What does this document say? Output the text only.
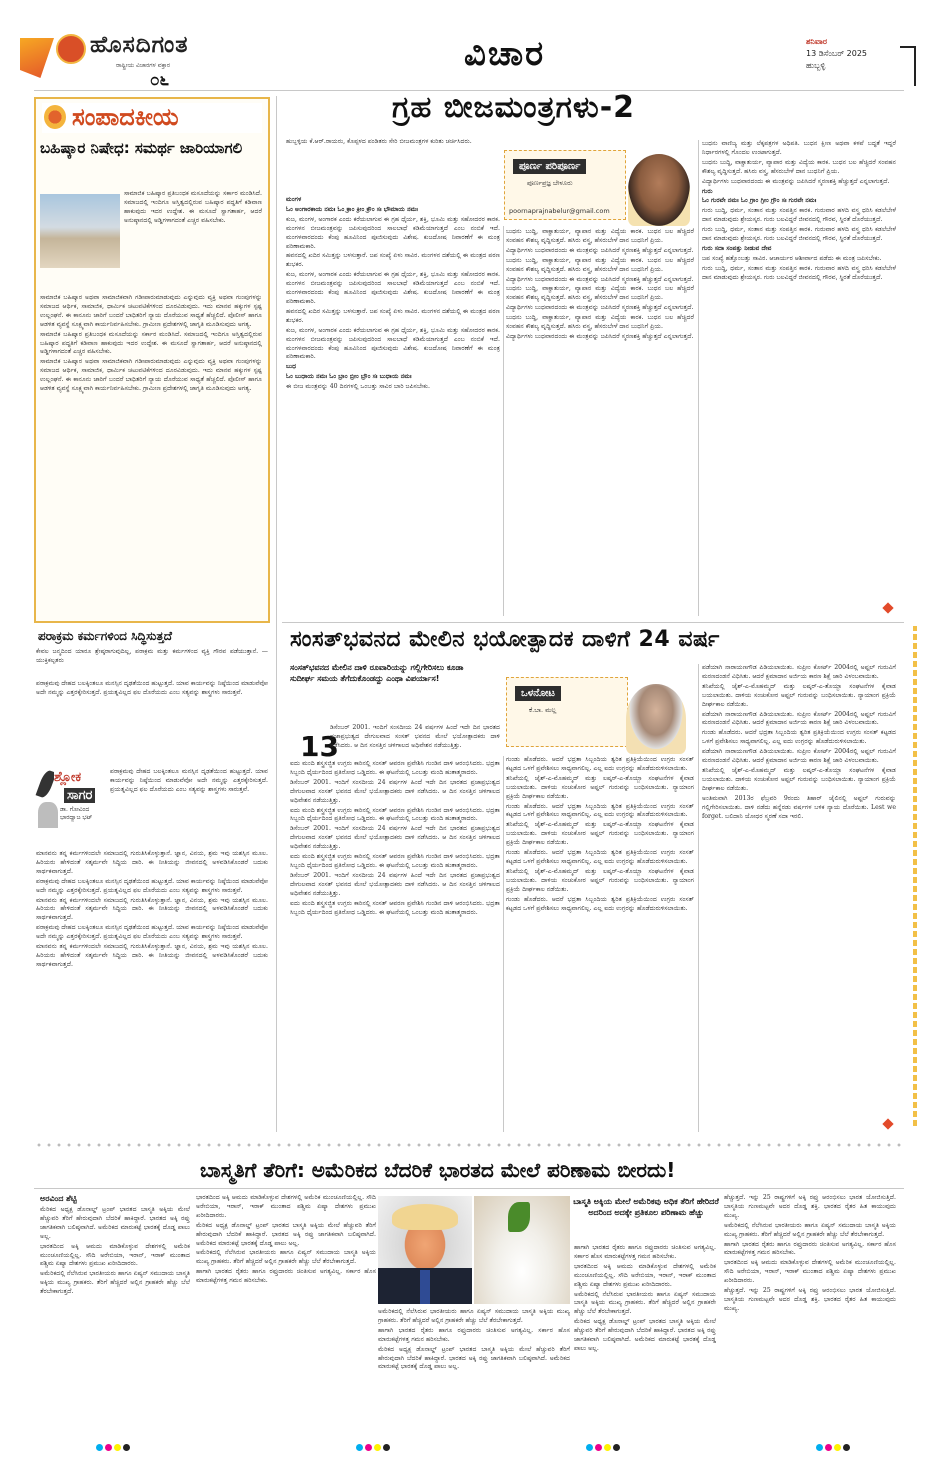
ಹೊಸದಿಗಂತ
ರಾಷ್ಟ್ರೀಯ ವಿಚಾರಗಳ ವಕ್ತಾರ
೦೬
ವಿಚಾರ	ಶನಿವಾರ
13 ಡಿಸೆಂಬರ್ 2025
ಹುಬ್ಬಳ್ಳಿ
ಸಂಪಾದಕೀಯ
ಬಹಿಷ್ಕಾರ ನಿಷೇಧ: ಸಮರ್ಥ ಜಾರಿಯಾಗಲಿ
ಸಾಮಾಜಿಕ ಬಹಿಷ್ಕಾರ ಪ್ರತಿಬಂಧಕ ಮಸೂದೆಯನ್ನು ಸರ್ಕಾರ ಮಂಡಿಸಿದೆ. ಸಮಾಜದಲ್ಲಿ ಇಂದಿಗೂ ಅಸ್ತಿತ್ವದಲ್ಲಿರುವ ಬಹಿಷ್ಕಾರ ಪದ್ಧತಿಗೆ ಕಡಿವಾಣ ಹಾಕುವುದು ಇದರ ಉದ್ದೇಶ. ಈ ಮಸೂದೆ ಸ್ವಾಗತಾರ್ಹ, ಆದರೆ ಅನುಷ್ಠಾನದಲ್ಲಿ ಅಡ್ಡಿಗಳಾಗದಂತೆ ಎಚ್ಚರ ವಹಿಸಬೇಕು.

ಸಾಮಾಜಿಕ ಬಹಿಷ್ಕಾರ ಅಥವಾ ಸಾಮಾಜಿಕವಾಗಿ ಗಡೀಪಾರುಮಾಡುವುದು ಎನ್ನುವುದು ವ್ಯಕ್ತಿ ಅಥವಾ ಗುಂಪುಗಳನ್ನು ಸಮಾಜದ ಆರ್ಥಿಕ, ಸಾಮಾಜಿಕ, ಧಾರ್ಮಿಕ ಚಟುವಟಿಕೆಗಳಿಂದ ದೂರವಿಡುವುದು. ಇದು ಮಾನವ ಹಕ್ಕುಗಳ ಸ್ಪಷ್ಟ ಉಲ್ಲಂಘನೆ. ಈ ಕಾನೂನು ಜಾರಿಗೆ ಬಂದರೆ ಬಾಧಿತರಿಗೆ ನ್ಯಾಯ ದೊರೆಯುವ ಸಾಧ್ಯತೆ ಹೆಚ್ಚಲಿದೆ. ಪೊಲೀಸ್ ಹಾಗೂ ಆಡಳಿತ ವ್ಯವಸ್ಥೆ ಸೂಕ್ಷ್ಮವಾಗಿ ಕಾರ್ಯನಿರ್ವಹಿಸಬೇಕು. ಗ್ರಾಮೀಣ ಪ್ರದೇಶಗಳಲ್ಲಿ ಜಾಗೃತಿ ಮೂಡಿಸುವುದು ಅಗತ್ಯ.

ಸಾಮಾಜಿಕ ಬಹಿಷ್ಕಾರ ಪ್ರತಿಬಂಧಕ ಮಸೂದೆಯನ್ನು ಸರ್ಕಾರ ಮಂಡಿಸಿದೆ. ಸಮಾಜದಲ್ಲಿ ಇಂದಿಗೂ ಅಸ್ತಿತ್ವದಲ್ಲಿರುವ ಬಹಿಷ್ಕಾರ ಪದ್ಧತಿಗೆ ಕಡಿವಾಣ ಹಾಕುವುದು ಇದರ ಉದ್ದೇಶ. ಈ ಮಸೂದೆ ಸ್ವಾಗತಾರ್ಹ, ಆದರೆ ಅನುಷ್ಠಾನದಲ್ಲಿ ಅಡ್ಡಿಗಳಾಗದಂತೆ ಎಚ್ಚರ ವಹಿಸಬೇಕು.

ಸಾಮಾಜಿಕ ಬಹಿಷ್ಕಾರ ಅಥವಾ ಸಾಮಾಜಿಕವಾಗಿ ಗಡೀಪಾರುಮಾಡುವುದು ಎನ್ನುವುದು ವ್ಯಕ್ತಿ ಅಥವಾ ಗುಂಪುಗಳನ್ನು ಸಮಾಜದ ಆರ್ಥಿಕ, ಸಾಮಾಜಿಕ, ಧಾರ್ಮಿಕ ಚಟುವಟಿಕೆಗಳಿಂದ ದೂರವಿಡುವುದು. ಇದು ಮಾನವ ಹಕ್ಕುಗಳ ಸ್ಪಷ್ಟ ಉಲ್ಲಂಘನೆ. ಈ ಕಾನೂನು ಜಾರಿಗೆ ಬಂದರೆ ಬಾಧಿತರಿಗೆ ನ್ಯಾಯ ದೊರೆಯುವ ಸಾಧ್ಯತೆ ಹೆಚ್ಚಲಿದೆ. ಪೊಲೀಸ್ ಹಾಗೂ ಆಡಳಿತ ವ್ಯವಸ್ಥೆ ಸೂಕ್ಷ್ಮವಾಗಿ ಕಾರ್ಯನಿರ್ವಹಿಸಬೇಕು. ಗ್ರಾಮೀಣ ಪ್ರದೇಶಗಳಲ್ಲಿ ಜಾಗೃತಿ ಮೂಡಿಸುವುದು ಅಗತ್ಯ.

ಪರಾಕ್ರಮ ಕರ್ಮಗಳಿಂದ ಸಿದ್ಧಿಸುತ್ತದೆ
ಕೇವಲ ಜನ್ಮದಿಂದ ಯಾರೂ ಶ್ರೇಷ್ಠರಾಗುವುದಿಲ್ಲ, ಪರಾಕ್ರಮ ಮತ್ತು ಕರ್ಮಗಳಿಂದ ವ್ಯಕ್ತಿ ಗೌರವ ಪಡೆಯುತ್ತಾನೆ. — ಯುಕ್ತಿಕಲ್ಪತರು
ಪರಾಕ್ರಮವು ದೇಹದ ಬಲಕ್ಕಿಂತಲೂ ಮನಸ್ಸಿನ ದೃಢತೆಯಿಂದ ಹುಟ್ಟುತ್ತದೆ. ಯಾವ ಕಾರ್ಯವನ್ನು ನಿಷ್ಠೆಯಿಂದ ಮಾಡುವೆವೋ ಅದೇ ನಮ್ಮನ್ನು ಎತ್ತರಕ್ಕೇರಿಸುತ್ತದೆ. ಪ್ರಯತ್ನವಿಲ್ಲದ ಫಲ ದೊರೆಯದು ಎಂಬ ಸತ್ಯವನ್ನು ಶಾಸ್ತ್ರಗಳು ಸಾರುತ್ತವೆ.
ಶ್ಲೋಕ
ಸಾಗರ
ಡಾ. ಗೋವಿಂದ ಭಾರದ್ವಾಜ ಭಟ್
ಪರಾಕ್ರಮವು ದೇಹದ ಬಲಕ್ಕಿಂತಲೂ ಮನಸ್ಸಿನ ದೃಢತೆಯಿಂದ ಹುಟ್ಟುತ್ತದೆ. ಯಾವ ಕಾರ್ಯವನ್ನು ನಿಷ್ಠೆಯಿಂದ ಮಾಡುವೆವೋ ಅದೇ ನಮ್ಮನ್ನು ಎತ್ತರಕ್ಕೇರಿಸುತ್ತದೆ. ಪ್ರಯತ್ನವಿಲ್ಲದ ಫಲ ದೊರೆಯದು ಎಂಬ ಸತ್ಯವನ್ನು ಶಾಸ್ತ್ರಗಳು ಸಾರುತ್ತವೆ.

ಮಾನವನು ತನ್ನ ಕರ್ಮಗಳಿಂದಲೇ ಸಮಾಜದಲ್ಲಿ ಗುರುತಿಸಿಕೊಳ್ಳುತ್ತಾನೆ. ಜ್ಞಾನ, ವಿನಯ, ಶ್ರಮ ಇವು ಯಶಸ್ಸಿನ ಮೂಲ. ಹಿರಿಯರು ಹೇಳಿದಂತೆ ಸತ್ಕರ್ಮವೇ ಸಿದ್ಧಿಯ ದಾರಿ. ಈ ನೀತಿಯನ್ನು ಜೀವನದಲ್ಲಿ ಅಳವಡಿಸಿಕೊಂಡರೆ ಬದುಕು ಸಾರ್ಥಕವಾಗುತ್ತದೆ.

ಪರಾಕ್ರಮವು ದೇಹದ ಬಲಕ್ಕಿಂತಲೂ ಮನಸ್ಸಿನ ದೃಢತೆಯಿಂದ ಹುಟ್ಟುತ್ತದೆ. ಯಾವ ಕಾರ್ಯವನ್ನು ನಿಷ್ಠೆಯಿಂದ ಮಾಡುವೆವೋ ಅದೇ ನಮ್ಮನ್ನು ಎತ್ತರಕ್ಕೇರಿಸುತ್ತದೆ. ಪ್ರಯತ್ನವಿಲ್ಲದ ಫಲ ದೊರೆಯದು ಎಂಬ ಸತ್ಯವನ್ನು ಶಾಸ್ತ್ರಗಳು ಸಾರುತ್ತವೆ.

ಮಾನವನು ತನ್ನ ಕರ್ಮಗಳಿಂದಲೇ ಸಮಾಜದಲ್ಲಿ ಗುರುತಿಸಿಕೊಳ್ಳುತ್ತಾನೆ. ಜ್ಞಾನ, ವಿನಯ, ಶ್ರಮ ಇವು ಯಶಸ್ಸಿನ ಮೂಲ. ಹಿರಿಯರು ಹೇಳಿದಂತೆ ಸತ್ಕರ್ಮವೇ ಸಿದ್ಧಿಯ ದಾರಿ. ಈ ನೀತಿಯನ್ನು ಜೀವನದಲ್ಲಿ ಅಳವಡಿಸಿಕೊಂಡರೆ ಬದುಕು ಸಾರ್ಥಕವಾಗುತ್ತದೆ.

ಪರಾಕ್ರಮವು ದೇಹದ ಬಲಕ್ಕಿಂತಲೂ ಮನಸ್ಸಿನ ದೃಢತೆಯಿಂದ ಹುಟ್ಟುತ್ತದೆ. ಯಾವ ಕಾರ್ಯವನ್ನು ನಿಷ್ಠೆಯಿಂದ ಮಾಡುವೆವೋ ಅದೇ ನಮ್ಮನ್ನು ಎತ್ತರಕ್ಕೇರಿಸುತ್ತದೆ. ಪ್ರಯತ್ನವಿಲ್ಲದ ಫಲ ದೊರೆಯದು ಎಂಬ ಸತ್ಯವನ್ನು ಶಾಸ್ತ್ರಗಳು ಸಾರುತ್ತವೆ.

ಮಾನವನು ತನ್ನ ಕರ್ಮಗಳಿಂದಲೇ ಸಮಾಜದಲ್ಲಿ ಗುರುತಿಸಿಕೊಳ್ಳುತ್ತಾನೆ. ಜ್ಞಾನ, ವಿನಯ, ಶ್ರಮ ಇವು ಯಶಸ್ಸಿನ ಮೂಲ. ಹಿರಿಯರು ಹೇಳಿದಂತೆ ಸತ್ಕರ್ಮವೇ ಸಿದ್ಧಿಯ ದಾರಿ. ಈ ನೀತಿಯನ್ನು ಜೀವನದಲ್ಲಿ ಅಳವಡಿಸಿಕೊಂಡರೆ ಬದುಕು ಸಾರ್ಥಕವಾಗುತ್ತದೆ.

ಗ್ರಹ ಬೀಜಮಂತ್ರಗಳು-2
ಹುಬ್ಬಳ್ಳಿಯ ಕೆ.ಆರ್.ರಾಯರು, ಕೊಪ್ಪಳದ ಪಂಡಿತರು ಸೇರಿ ಬೀಜಮಂತ್ರಗಳ ಕುರಿತು ಚರ್ಚಿಸಿದರು.
ಪೂರ್ಣ ಪರಿಪೂರ್ಣ
ಪೂರ್ಣಪ್ರಜ್ಞ ಬೇಳೂರು
poornaprajnabelur@gmail.com

ಮಂಗಳ

ಓಂ ಅಂಗಾರಕಾಯ ನಮಃ ಓಂ ಕ್ರಾಂ ಕ್ರೀಂ ಕ್ರೌಂ ಸಃ ಭೌಮಾಯ ನಮಃ

ಕುಜ, ಮಂಗಳ, ಅಂಗಾರಕ ಎಂದು ಕರೆಯಲಾಗುವ ಈ ಗ್ರಹ ಧೈರ್ಯ, ಶಕ್ತಿ, ಭೂಮಿ ಮತ್ತು ಸಹೋದರರ ಕಾರಕ. ಮಂಗಳನ ಬೀಜಮಂತ್ರವನ್ನು ಜಪಿಸುವುದರಿಂದ ಸಾಲಬಾಧೆ ಕಡಿಮೆಯಾಗುತ್ತದೆ ಎಂಬ ನಂಬಿಕೆ ಇದೆ. ಮಂಗಳವಾರದಂದು ಕೆಂಪು ಹೂವಿನಿಂದ ಪೂಜಿಸುವುದು ವಿಶೇಷ. ಕುಜದೋಷ ನಿವಾರಣೆಗೆ ಈ ಮಂತ್ರ ಪರಿಣಾಮಕಾರಿ.

ಹವನದಲ್ಲಿ ಖದಿರ ಸಮಿತ್ತನ್ನು ಬಳಸುತ್ತಾರೆ. ಜಪ ಸಂಖ್ಯೆ ಏಳು ಸಾವಿರ. ಮಂಗಳನ ದಶೆಯಲ್ಲಿ ಈ ಮಂತ್ರದ ಪಠಣ ಶುಭಕರ.

ಕುಜ, ಮಂಗಳ, ಅಂಗಾರಕ ಎಂದು ಕರೆಯಲಾಗುವ ಈ ಗ್ರಹ ಧೈರ್ಯ, ಶಕ್ತಿ, ಭೂಮಿ ಮತ್ತು ಸಹೋದರರ ಕಾರಕ. ಮಂಗಳನ ಬೀಜಮಂತ್ರವನ್ನು ಜಪಿಸುವುದರಿಂದ ಸಾಲಬಾಧೆ ಕಡಿಮೆಯಾಗುತ್ತದೆ ಎಂಬ ನಂಬಿಕೆ ಇದೆ. ಮಂಗಳವಾರದಂದು ಕೆಂಪು ಹೂವಿನಿಂದ ಪೂಜಿಸುವುದು ವಿಶೇಷ. ಕುಜದೋಷ ನಿವಾರಣೆಗೆ ಈ ಮಂತ್ರ ಪರಿಣಾಮಕಾರಿ.

ಹವನದಲ್ಲಿ ಖದಿರ ಸಮಿತ್ತನ್ನು ಬಳಸುತ್ತಾರೆ. ಜಪ ಸಂಖ್ಯೆ ಏಳು ಸಾವಿರ. ಮಂಗಳನ ದಶೆಯಲ್ಲಿ ಈ ಮಂತ್ರದ ಪಠಣ ಶುಭಕರ.

ಕುಜ, ಮಂಗಳ, ಅಂಗಾರಕ ಎಂದು ಕರೆಯಲಾಗುವ ಈ ಗ್ರಹ ಧೈರ್ಯ, ಶಕ್ತಿ, ಭೂಮಿ ಮತ್ತು ಸಹೋದರರ ಕಾರಕ. ಮಂಗಳನ ಬೀಜಮಂತ್ರವನ್ನು ಜಪಿಸುವುದರಿಂದ ಸಾಲಬಾಧೆ ಕಡಿಮೆಯಾಗುತ್ತದೆ ಎಂಬ ನಂಬಿಕೆ ಇದೆ. ಮಂಗಳವಾರದಂದು ಕೆಂಪು ಹೂವಿನಿಂದ ಪೂಜಿಸುವುದು ವಿಶೇಷ. ಕುಜದೋಷ ನಿವಾರಣೆಗೆ ಈ ಮಂತ್ರ ಪರಿಣಾಮಕಾರಿ.

ಬುಧ

ಓಂ ಬುಧಾಯ ನಮಃ ಓಂ ಬ್ರಾಂ ಬ್ರೀಂ ಬ್ರೌಂ ಸಃ ಬುಧಾಯ ನಮಃ

ಈ ಬೀಜ ಮಂತ್ರವನ್ನು 40 ದಿನಗಳಲ್ಲಿ ಒಂಬತ್ತು ಸಾವಿರ ಬಾರಿ ಜಪಿಸಬೇಕು.

ಬುಧನು ಬುದ್ಧಿ, ವಾಕ್ಚಾತುರ್ಯ, ವ್ಯಾಪಾರ ಮತ್ತು ವಿದ್ಯೆಯ ಕಾರಕ. ಬುಧನ ಬಲ ಹೆಚ್ಚಿದರೆ ಸಂವಹನ ಕೌಶಲ್ಯ ವೃದ್ಧಿಸುತ್ತದೆ. ಹಸಿರು ವಸ್ತ್ರ, ಹೆಸರುಬೇಳೆ ದಾನ ಬುಧನಿಗೆ ಪ್ರಿಯ.

ವಿದ್ಯಾರ್ಥಿಗಳು ಬುಧವಾರದಂದು ಈ ಮಂತ್ರವನ್ನು ಜಪಿಸಿದರೆ ಸ್ಮರಣಶಕ್ತಿ ಹೆಚ್ಚುತ್ತದೆ ಎನ್ನಲಾಗುತ್ತದೆ.

ಬುಧನು ಬುದ್ಧಿ, ವಾಕ್ಚಾತುರ್ಯ, ವ್ಯಾಪಾರ ಮತ್ತು ವಿದ್ಯೆಯ ಕಾರಕ. ಬುಧನ ಬಲ ಹೆಚ್ಚಿದರೆ ಸಂವಹನ ಕೌಶಲ್ಯ ವೃದ್ಧಿಸುತ್ತದೆ. ಹಸಿರು ವಸ್ತ್ರ, ಹೆಸರುಬೇಳೆ ದಾನ ಬುಧನಿಗೆ ಪ್ರಿಯ.

ವಿದ್ಯಾರ್ಥಿಗಳು ಬುಧವಾರದಂದು ಈ ಮಂತ್ರವನ್ನು ಜಪಿಸಿದರೆ ಸ್ಮರಣಶಕ್ತಿ ಹೆಚ್ಚುತ್ತದೆ ಎನ್ನಲಾಗುತ್ತದೆ.

ಬುಧನು ಬುದ್ಧಿ, ವಾಕ್ಚಾತುರ್ಯ, ವ್ಯಾಪಾರ ಮತ್ತು ವಿದ್ಯೆಯ ಕಾರಕ. ಬುಧನ ಬಲ ಹೆಚ್ಚಿದರೆ ಸಂವಹನ ಕೌಶಲ್ಯ ವೃದ್ಧಿಸುತ್ತದೆ. ಹಸಿರು ವಸ್ತ್ರ, ಹೆಸರುಬೇಳೆ ದಾನ ಬುಧನಿಗೆ ಪ್ರಿಯ.

ವಿದ್ಯಾರ್ಥಿಗಳು ಬುಧವಾರದಂದು ಈ ಮಂತ್ರವನ್ನು ಜಪಿಸಿದರೆ ಸ್ಮರಣಶಕ್ತಿ ಹೆಚ್ಚುತ್ತದೆ ಎನ್ನಲಾಗುತ್ತದೆ.

ಬುಧನು ಬುದ್ಧಿ, ವಾಕ್ಚಾತುರ್ಯ, ವ್ಯಾಪಾರ ಮತ್ತು ವಿದ್ಯೆಯ ಕಾರಕ. ಬುಧನ ಬಲ ಹೆಚ್ಚಿದರೆ ಸಂವಹನ ಕೌಶಲ್ಯ ವೃದ್ಧಿಸುತ್ತದೆ. ಹಸಿರು ವಸ್ತ್ರ, ಹೆಸರುಬೇಳೆ ದಾನ ಬುಧನಿಗೆ ಪ್ರಿಯ.

ವಿದ್ಯಾರ್ಥಿಗಳು ಬುಧವಾರದಂದು ಈ ಮಂತ್ರವನ್ನು ಜಪಿಸಿದರೆ ಸ್ಮರಣಶಕ್ತಿ ಹೆಚ್ಚುತ್ತದೆ ಎನ್ನಲಾಗುತ್ತದೆ.

ಬುಧನು ವಾಣಿಜ್ಯ ಮತ್ತು ಲೆಕ್ಕಪತ್ರಗಳ ಅಧಿಪತಿ. ಬುಧನ ಕ್ಷೀಣ ಅಥವಾ ಕಳಪೆ ಬದ್ಧತೆ ಇದ್ದರೆ ನಿರ್ಧಾರಗಳಲ್ಲಿ ಗೊಂದಲ ಉಂಟಾಗುತ್ತದೆ.

ಬುಧನು ಬುದ್ಧಿ, ವಾಕ್ಚಾತುರ್ಯ, ವ್ಯಾಪಾರ ಮತ್ತು ವಿದ್ಯೆಯ ಕಾರಕ. ಬುಧನ ಬಲ ಹೆಚ್ಚಿದರೆ ಸಂವಹನ ಕೌಶಲ್ಯ ವೃದ್ಧಿಸುತ್ತದೆ. ಹಸಿರು ವಸ್ತ್ರ, ಹೆಸರುಬೇಳೆ ದಾನ ಬುಧನಿಗೆ ಪ್ರಿಯ.

ವಿದ್ಯಾರ್ಥಿಗಳು ಬುಧವಾರದಂದು ಈ ಮಂತ್ರವನ್ನು ಜಪಿಸಿದರೆ ಸ್ಮರಣಶಕ್ತಿ ಹೆಚ್ಚುತ್ತದೆ ಎನ್ನಲಾಗುತ್ತದೆ.

ಗುರು

ಓಂ ಗುರವೇ ನಮಃ ಓಂ ಗ್ರಾಂ ಗ್ರೀಂ ಗ್ರೌಂ ಸಃ ಗುರವೇ ನಮಃ

ಗುರು ಬುದ್ಧಿ, ಧರ್ಮ, ಸಂತಾನ ಮತ್ತು ಸಂಪತ್ತಿನ ಕಾರಕ. ಗುರುವಾರ ಹಳದಿ ವಸ್ತ್ರ ಧರಿಸಿ ಕಡಲೆಬೇಳೆ ದಾನ ಮಾಡುವುದು ಶ್ರೇಯಸ್ಕರ. ಗುರು ಬಲವಿದ್ದರೆ ಜೀವನದಲ್ಲಿ ಗೌರವ, ಸ್ಥಿರತೆ ದೊರೆಯುತ್ತದೆ.

ಗುರು ಬುದ್ಧಿ, ಧರ್ಮ, ಸಂತಾನ ಮತ್ತು ಸಂಪತ್ತಿನ ಕಾರಕ. ಗುರುವಾರ ಹಳದಿ ವಸ್ತ್ರ ಧರಿಸಿ ಕಡಲೆಬೇಳೆ ದಾನ ಮಾಡುವುದು ಶ್ರೇಯಸ್ಕರ. ಗುರು ಬಲವಿದ್ದರೆ ಜೀವನದಲ್ಲಿ ಗೌರವ, ಸ್ಥಿರತೆ ದೊರೆಯುತ್ತದೆ.

ಗುರು ಸದಾ ಸಂಪತ್ತು ನೀಡುವ ದೇವ

ಜಪ ಸಂಖ್ಯೆ ಹತ್ತೊಂಬತ್ತು ಸಾವಿರ. ಆಚಾರ್ಯರ ಆಶೀರ್ವಾದ ಪಡೆದು ಈ ಮಂತ್ರ ಜಪಿಸಬೇಕು.

ಗುರು ಬುದ್ಧಿ, ಧರ್ಮ, ಸಂತಾನ ಮತ್ತು ಸಂಪತ್ತಿನ ಕಾರಕ. ಗುರುವಾರ ಹಳದಿ ವಸ್ತ್ರ ಧರಿಸಿ ಕಡಲೆಬೇಳೆ ದಾನ ಮಾಡುವುದು ಶ್ರೇಯಸ್ಕರ. ಗುರು ಬಲವಿದ್ದರೆ ಜೀವನದಲ್ಲಿ ಗೌರವ, ಸ್ಥಿರತೆ ದೊರೆಯುತ್ತದೆ.

ಸಂಸತ್‌ಭವನದ ಮೇಲಿನ ಭಯೋತ್ಪಾದಕ ದಾಳಿಗೆ 24 ವರ್ಷ
ಸಂಸತ್‌ಭವನದ ಮೇಲಿನ ದಾಳಿ ರೂವಾರಿಯನ್ನು ಗಲ್ಲಿಗೇರಿಸಲು ಕೂಡಾ ಸುದೀರ್ಘ ಸಮಯ ತೆಗೆದುಕೊಂಡದ್ದು ಎಂಥಾ ವಿಪರ್ಯಾಸ!
ಒಳನೋಟ
ಕೆ.ಬಾ. ಮಲ್ಲ
13
ಡಿಸೆಂಬರ್ 2001. ಇಂದಿಗೆ ಸಂಸದೀಯ 24 ವರ್ಷಗಳ ಹಿಂದೆ ಇದೇ ದಿನ ಭಾರತದ ಪ್ರಜಾಪ್ರಭುತ್ವದ ದೇಗುಲವಾದ ಸಂಸತ್ ಭವನದ ಮೇಲೆ ಭಯೋತ್ಪಾದಕರು ದಾಳಿ ನಡೆಸಿದರು. ಆ ದಿನ ಸಂಸತ್ತಿನ ಚಳಿಗಾಲದ ಅಧಿವೇಶನ ನಡೆಯುತ್ತಿತ್ತು.

ಐದು ಮಂದಿ ಶಸ್ತ್ರಸಜ್ಜಿತ ಉಗ್ರರು ಕಾರಿನಲ್ಲಿ ಸಂಸತ್ ಆವರಣ ಪ್ರವೇಶಿಸಿ ಗುಂಡಿನ ದಾಳಿ ಆರಂಭಿಸಿದರು. ಭದ್ರತಾ ಸಿಬ್ಬಂದಿ ಧೈರ್ಯದಿಂದ ಪ್ರತಿರೋಧ ಒಡ್ಡಿದರು. ಈ ಘಟನೆಯಲ್ಲಿ ಒಂಬತ್ತು ಮಂದಿ ಹುತಾತ್ಮರಾದರು.

ಡಿಸೆಂಬರ್ 2001. ಇಂದಿಗೆ ಸಂಸದೀಯ 24 ವರ್ಷಗಳ ಹಿಂದೆ ಇದೇ ದಿನ ಭಾರತದ ಪ್ರಜಾಪ್ರಭುತ್ವದ ದೇಗುಲವಾದ ಸಂಸತ್ ಭವನದ ಮೇಲೆ ಭಯೋತ್ಪಾದಕರು ದಾಳಿ ನಡೆಸಿದರು. ಆ ದಿನ ಸಂಸತ್ತಿನ ಚಳಿಗಾಲದ ಅಧಿವೇಶನ ನಡೆಯುತ್ತಿತ್ತು.

ಐದು ಮಂದಿ ಶಸ್ತ್ರಸಜ್ಜಿತ ಉಗ್ರರು ಕಾರಿನಲ್ಲಿ ಸಂಸತ್ ಆವರಣ ಪ್ರವೇಶಿಸಿ ಗುಂಡಿನ ದಾಳಿ ಆರಂಭಿಸಿದರು. ಭದ್ರತಾ ಸಿಬ್ಬಂದಿ ಧೈರ್ಯದಿಂದ ಪ್ರತಿರೋಧ ಒಡ್ಡಿದರು. ಈ ಘಟನೆಯಲ್ಲಿ ಒಂಬತ್ತು ಮಂದಿ ಹುತಾತ್ಮರಾದರು.

ಡಿಸೆಂಬರ್ 2001. ಇಂದಿಗೆ ಸಂಸದೀಯ 24 ವರ್ಷಗಳ ಹಿಂದೆ ಇದೇ ದಿನ ಭಾರತದ ಪ್ರಜಾಪ್ರಭುತ್ವದ ದೇಗುಲವಾದ ಸಂಸತ್ ಭವನದ ಮೇಲೆ ಭಯೋತ್ಪಾದಕರು ದಾಳಿ ನಡೆಸಿದರು. ಆ ದಿನ ಸಂಸತ್ತಿನ ಚಳಿಗಾಲದ ಅಧಿವೇಶನ ನಡೆಯುತ್ತಿತ್ತು.

ಐದು ಮಂದಿ ಶಸ್ತ್ರಸಜ್ಜಿತ ಉಗ್ರರು ಕಾರಿನಲ್ಲಿ ಸಂಸತ್ ಆವರಣ ಪ್ರವೇಶಿಸಿ ಗುಂಡಿನ ದಾಳಿ ಆರಂಭಿಸಿದರು. ಭದ್ರತಾ ಸಿಬ್ಬಂದಿ ಧೈರ್ಯದಿಂದ ಪ್ರತಿರೋಧ ಒಡ್ಡಿದರು. ಈ ಘಟನೆಯಲ್ಲಿ ಒಂಬತ್ತು ಮಂದಿ ಹುತಾತ್ಮರಾದರು.

ಡಿಸೆಂಬರ್ 2001. ಇಂದಿಗೆ ಸಂಸದೀಯ 24 ವರ್ಷಗಳ ಹಿಂದೆ ಇದೇ ದಿನ ಭಾರತದ ಪ್ರಜಾಪ್ರಭುತ್ವದ ದೇಗುಲವಾದ ಸಂಸತ್ ಭವನದ ಮೇಲೆ ಭಯೋತ್ಪಾದಕರು ದಾಳಿ ನಡೆಸಿದರು. ಆ ದಿನ ಸಂಸತ್ತಿನ ಚಳಿಗಾಲದ ಅಧಿವೇಶನ ನಡೆಯುತ್ತಿತ್ತು.

ಐದು ಮಂದಿ ಶಸ್ತ್ರಸಜ್ಜಿತ ಉಗ್ರರು ಕಾರಿನಲ್ಲಿ ಸಂಸತ್ ಆವರಣ ಪ್ರವೇಶಿಸಿ ಗುಂಡಿನ ದಾಳಿ ಆರಂಭಿಸಿದರು. ಭದ್ರತಾ ಸಿಬ್ಬಂದಿ ಧೈರ್ಯದಿಂದ ಪ್ರತಿರೋಧ ಒಡ್ಡಿದರು. ಈ ಘಟನೆಯಲ್ಲಿ ಒಂಬತ್ತು ಮಂದಿ ಹುತಾತ್ಮರಾದರು.

ಗುಂಡು ಹೊಡೆದರು. ಆದರೆ ಭದ್ರತಾ ಸಿಬ್ಬಂದಿಯ ತ್ವರಿತ ಪ್ರತಿಕ್ರಿಯೆಯಿಂದ ಉಗ್ರರು ಸಂಸತ್ ಕಟ್ಟಡದ ಒಳಗೆ ಪ್ರವೇಶಿಸಲು ಸಾಧ್ಯವಾಗಲಿಲ್ಲ. ಎಲ್ಲ ಐದು ಉಗ್ರರನ್ನು ಹೊಡೆದುರುಳಿಸಲಾಯಿತು.

ತನಿಖೆಯಲ್ಲಿ ಜೈಶ್-ಎ-ಮೊಹಮ್ಮದ್ ಮತ್ತು ಲಷ್ಕರ್-ಎ-ತೊಯ್ಬಾ ಸಂಘಟನೆಗಳ ಕೈವಾಡ ಬಯಲಾಯಿತು. ದಾಳಿಯ ಸಂಚುಕೋರ ಅಫ್ಜಲ್ ಗುರುವನ್ನು ಬಂಧಿಸಲಾಯಿತು. ನ್ಯಾಯಾಂಗ ಪ್ರಕ್ರಿಯೆ ದೀರ್ಘಕಾಲ ನಡೆಯಿತು.

ಗುಂಡು ಹೊಡೆದರು. ಆದರೆ ಭದ್ರತಾ ಸಿಬ್ಬಂದಿಯ ತ್ವರಿತ ಪ್ರತಿಕ್ರಿಯೆಯಿಂದ ಉಗ್ರರು ಸಂಸತ್ ಕಟ್ಟಡದ ಒಳಗೆ ಪ್ರವೇಶಿಸಲು ಸಾಧ್ಯವಾಗಲಿಲ್ಲ. ಎಲ್ಲ ಐದು ಉಗ್ರರನ್ನು ಹೊಡೆದುರುಳಿಸಲಾಯಿತು.

ತನಿಖೆಯಲ್ಲಿ ಜೈಶ್-ಎ-ಮೊಹಮ್ಮದ್ ಮತ್ತು ಲಷ್ಕರ್-ಎ-ತೊಯ್ಬಾ ಸಂಘಟನೆಗಳ ಕೈವಾಡ ಬಯಲಾಯಿತು. ದಾಳಿಯ ಸಂಚುಕೋರ ಅಫ್ಜಲ್ ಗುರುವನ್ನು ಬಂಧಿಸಲಾಯಿತು. ನ್ಯಾಯಾಂಗ ಪ್ರಕ್ರಿಯೆ ದೀರ್ಘಕಾಲ ನಡೆಯಿತು.

ಗುಂಡು ಹೊಡೆದರು. ಆದರೆ ಭದ್ರತಾ ಸಿಬ್ಬಂದಿಯ ತ್ವರಿತ ಪ್ರತಿಕ್ರಿಯೆಯಿಂದ ಉಗ್ರರು ಸಂಸತ್ ಕಟ್ಟಡದ ಒಳಗೆ ಪ್ರವೇಶಿಸಲು ಸಾಧ್ಯವಾಗಲಿಲ್ಲ. ಎಲ್ಲ ಐದು ಉಗ್ರರನ್ನು ಹೊಡೆದುರುಳಿಸಲಾಯಿತು.

ತನಿಖೆಯಲ್ಲಿ ಜೈಶ್-ಎ-ಮೊಹಮ್ಮದ್ ಮತ್ತು ಲಷ್ಕರ್-ಎ-ತೊಯ್ಬಾ ಸಂಘಟನೆಗಳ ಕೈವಾಡ ಬಯಲಾಯಿತು. ದಾಳಿಯ ಸಂಚುಕೋರ ಅಫ್ಜಲ್ ಗುರುವನ್ನು ಬಂಧಿಸಲಾಯಿತು. ನ್ಯಾಯಾಂಗ ಪ್ರಕ್ರಿಯೆ ದೀರ್ಘಕಾಲ ನಡೆಯಿತು.

ಗುಂಡು ಹೊಡೆದರು. ಆದರೆ ಭದ್ರತಾ ಸಿಬ್ಬಂದಿಯ ತ್ವರಿತ ಪ್ರತಿಕ್ರಿಯೆಯಿಂದ ಉಗ್ರರು ಸಂಸತ್ ಕಟ್ಟಡದ ಒಳಗೆ ಪ್ರವೇಶಿಸಲು ಸಾಧ್ಯವಾಗಲಿಲ್ಲ. ಎಲ್ಲ ಐದು ಉಗ್ರರನ್ನು ಹೊಡೆದುರುಳಿಸಲಾಯಿತು.

ಪಡೆಯಾಗಿ ನಾರಾಯಣಗೌಡ ಪಿಡಿಯಲಾಯಿತು. ಸುಪ್ರೀಂ ಕೋರ್ಟ್ 2004ರಲ್ಲಿ ಅಫ್ಜಲ್ ಗುರುವಿಗೆ ಮರಣದಂಡನೆ ವಿಧಿಸಿತು. ಆದರೆ ಕ್ಷಮಾದಾನ ಅರ್ಜಿಯ ಕಾರಣ ಶಿಕ್ಷೆ ಜಾರಿ ವಿಳಂಬವಾಯಿತು.

ತನಿಖೆಯಲ್ಲಿ ಜೈಶ್-ಎ-ಮೊಹಮ್ಮದ್ ಮತ್ತು ಲಷ್ಕರ್-ಎ-ತೊಯ್ಬಾ ಸಂಘಟನೆಗಳ ಕೈವಾಡ ಬಯಲಾಯಿತು. ದಾಳಿಯ ಸಂಚುಕೋರ ಅಫ್ಜಲ್ ಗುರುವನ್ನು ಬಂಧಿಸಲಾಯಿತು. ನ್ಯಾಯಾಂಗ ಪ್ರಕ್ರಿಯೆ ದೀರ್ಘಕಾಲ ನಡೆಯಿತು.

ಪಡೆಯಾಗಿ ನಾರಾಯಣಗೌಡ ಪಿಡಿಯಲಾಯಿತು. ಸುಪ್ರೀಂ ಕೋರ್ಟ್ 2004ರಲ್ಲಿ ಅಫ್ಜಲ್ ಗುರುವಿಗೆ ಮರಣದಂಡನೆ ವಿಧಿಸಿತು. ಆದರೆ ಕ್ಷಮಾದಾನ ಅರ್ಜಿಯ ಕಾರಣ ಶಿಕ್ಷೆ ಜಾರಿ ವಿಳಂಬವಾಯಿತು.

ಗುಂಡು ಹೊಡೆದರು. ಆದರೆ ಭದ್ರತಾ ಸಿಬ್ಬಂದಿಯ ತ್ವರಿತ ಪ್ರತಿಕ್ರಿಯೆಯಿಂದ ಉಗ್ರರು ಸಂಸತ್ ಕಟ್ಟಡದ ಒಳಗೆ ಪ್ರವೇಶಿಸಲು ಸಾಧ್ಯವಾಗಲಿಲ್ಲ. ಎಲ್ಲ ಐದು ಉಗ್ರರನ್ನು ಹೊಡೆದುರುಳಿಸಲಾಯಿತು.

ಪಡೆಯಾಗಿ ನಾರಾಯಣಗೌಡ ಪಿಡಿಯಲಾಯಿತು. ಸುಪ್ರೀಂ ಕೋರ್ಟ್ 2004ರಲ್ಲಿ ಅಫ್ಜಲ್ ಗುರುವಿಗೆ ಮರಣದಂಡನೆ ವಿಧಿಸಿತು. ಆದರೆ ಕ್ಷಮಾದಾನ ಅರ್ಜಿಯ ಕಾರಣ ಶಿಕ್ಷೆ ಜಾರಿ ವಿಳಂಬವಾಯಿತು.

ತನಿಖೆಯಲ್ಲಿ ಜೈಶ್-ಎ-ಮೊಹಮ್ಮದ್ ಮತ್ತು ಲಷ್ಕರ್-ಎ-ತೊಯ್ಬಾ ಸಂಘಟನೆಗಳ ಕೈವಾಡ ಬಯಲಾಯಿತು. ದಾಳಿಯ ಸಂಚುಕೋರ ಅಫ್ಜಲ್ ಗುರುವನ್ನು ಬಂಧಿಸಲಾಯಿತು. ನ್ಯಾಯಾಂಗ ಪ್ರಕ್ರಿಯೆ ದೀರ್ಘಕಾಲ ನಡೆಯಿತು.

ಅಂತಿಮವಾಗಿ 2013ರ ಫೆಬ್ರವರಿ 9ರಂದು ತಿಹಾರ್ ಜೈಲಿನಲ್ಲಿ ಅಫ್ಜಲ್ ಗುರುವನ್ನು ಗಲ್ಲಿಗೇರಿಸಲಾಯಿತು. ದಾಳಿ ನಡೆದು ಹನ್ನೆರಡು ವರ್ಷಗಳ ಬಳಿಕ ನ್ಯಾಯ ದೊರೆಯಿತು. Lest we forget. ಬಲಿದಾನಿ ಯೋಧರ ಸ್ಮರಣೆ ಸದಾ ಇರಲಿ.

ಬಾಸ್ಮತಿಗೆ ತೆರಿಗೆ: ಅಮೆರಿಕದ ಬೆದರಿಕೆ ಭಾರತದ ಮೇಲೆ ಪರಿಣಾಮ ಬೀರದು!
ಅರವಿಂದ ಶೆಟ್ಟಿ

ಮೆರಿಕದ ಅಧ್ಯಕ್ಷ ಡೊನಾಲ್ಡ್ ಟ್ರಂಪ್ ಭಾರತದ ಬಾಸ್ಮತಿ ಅಕ್ಕಿಯ ಮೇಲೆ ಹೆಚ್ಚುವರಿ ತೆರಿಗೆ ಹೇರುವುದಾಗಿ ಬೆದರಿಕೆ ಹಾಕಿದ್ದಾರೆ. ಭಾರತದ ಅಕ್ಕಿ ರಫ್ತು ಜಾಗತಿಕವಾಗಿ ಬಲಿಷ್ಠವಾಗಿದೆ. ಅಮೆರಿಕದ ಮಾರುಕಟ್ಟೆ ಭಾರತಕ್ಕೆ ದೊಡ್ಡ ಪಾಲು ಅಲ್ಲ.

ಭಾರತದಿಂದ ಅಕ್ಕಿ ಆಮದು ಮಾಡಿಕೊಳ್ಳುವ ದೇಶಗಳಲ್ಲಿ ಅಮೆರಿಕ ಮುಂಚೂಣಿಯಲ್ಲಿಲ್ಲ. ಸೌದಿ ಅರೇಬಿಯಾ, ಇರಾನ್, ಇರಾಕ್ ಮುಂತಾದ ಪಶ್ಚಿಮ ಏಷ್ಯಾ ದೇಶಗಳು ಪ್ರಮುಖ ಖರೀದಿದಾರರು.

ಅಮೆರಿಕದಲ್ಲಿ ನೆಲೆಸಿರುವ ಭಾರತೀಯರು ಹಾಗೂ ಏಷ್ಯನ್ ಸಮುದಾಯ ಬಾಸ್ಮತಿ ಅಕ್ಕಿಯ ಮುಖ್ಯ ಗ್ರಾಹಕರು. ತೆರಿಗೆ ಹೆಚ್ಚಿದರೆ ಅಲ್ಲಿನ ಗ್ರಾಹಕರೇ ಹೆಚ್ಚು ಬೆಲೆ ತೆರಬೇಕಾಗುತ್ತದೆ.

ಭಾರತದಿಂದ ಅಕ್ಕಿ ಆಮದು ಮಾಡಿಕೊಳ್ಳುವ ದೇಶಗಳಲ್ಲಿ ಅಮೆರಿಕ ಮುಂಚೂಣಿಯಲ್ಲಿಲ್ಲ. ಸೌದಿ ಅರೇಬಿಯಾ, ಇರಾನ್, ಇರಾಕ್ ಮುಂತಾದ ಪಶ್ಚಿಮ ಏಷ್ಯಾ ದೇಶಗಳು ಪ್ರಮುಖ ಖರೀದಿದಾರರು.

ಮೆರಿಕದ ಅಧ್ಯಕ್ಷ ಡೊನಾಲ್ಡ್ ಟ್ರಂಪ್ ಭಾರತದ ಬಾಸ್ಮತಿ ಅಕ್ಕಿಯ ಮೇಲೆ ಹೆಚ್ಚುವರಿ ತೆರಿಗೆ ಹೇರುವುದಾಗಿ ಬೆದರಿಕೆ ಹಾಕಿದ್ದಾರೆ. ಭಾರತದ ಅಕ್ಕಿ ರಫ್ತು ಜಾಗತಿಕವಾಗಿ ಬಲಿಷ್ಠವಾಗಿದೆ. ಅಮೆರಿಕದ ಮಾರುಕಟ್ಟೆ ಭಾರತಕ್ಕೆ ದೊಡ್ಡ ಪಾಲು ಅಲ್ಲ.

ಅಮೆರಿಕದಲ್ಲಿ ನೆಲೆಸಿರುವ ಭಾರತೀಯರು ಹಾಗೂ ಏಷ್ಯನ್ ಸಮುದಾಯ ಬಾಸ್ಮತಿ ಅಕ್ಕಿಯ ಮುಖ್ಯ ಗ್ರಾಹಕರು. ತೆರಿಗೆ ಹೆಚ್ಚಿದರೆ ಅಲ್ಲಿನ ಗ್ರಾಹಕರೇ ಹೆಚ್ಚು ಬೆಲೆ ತೆರಬೇಕಾಗುತ್ತದೆ.

ಹಾಗಾಗಿ ಭಾರತದ ರೈತರು ಹಾಗೂ ರಫ್ತುದಾರರು ಚಿಂತಿಸುವ ಅಗತ್ಯವಿಲ್ಲ. ಸರ್ಕಾರ ಹೊಸ ಮಾರುಕಟ್ಟೆಗಳತ್ತ ಗಮನ ಹರಿಸಬೇಕು.

ಅಮೆರಿಕದಲ್ಲಿ ನೆಲೆಸಿರುವ ಭಾರತೀಯರು ಹಾಗೂ ಏಷ್ಯನ್ ಸಮುದಾಯ ಬಾಸ್ಮತಿ ಅಕ್ಕಿಯ ಮುಖ್ಯ ಗ್ರಾಹಕರು. ತೆರಿಗೆ ಹೆಚ್ಚಿದರೆ ಅಲ್ಲಿನ ಗ್ರಾಹಕರೇ ಹೆಚ್ಚು ಬೆಲೆ ತೆರಬೇಕಾಗುತ್ತದೆ.

ಹಾಗಾಗಿ ಭಾರತದ ರೈತರು ಹಾಗೂ ರಫ್ತುದಾರರು ಚಿಂತಿಸುವ ಅಗತ್ಯವಿಲ್ಲ. ಸರ್ಕಾರ ಹೊಸ ಮಾರುಕಟ್ಟೆಗಳತ್ತ ಗಮನ ಹರಿಸಬೇಕು.

ಮೆರಿಕದ ಅಧ್ಯಕ್ಷ ಡೊನಾಲ್ಡ್ ಟ್ರಂಪ್ ಭಾರತದ ಬಾಸ್ಮತಿ ಅಕ್ಕಿಯ ಮೇಲೆ ಹೆಚ್ಚುವರಿ ತೆರಿಗೆ ಹೇರುವುದಾಗಿ ಬೆದರಿಕೆ ಹಾಕಿದ್ದಾರೆ. ಭಾರತದ ಅಕ್ಕಿ ರಫ್ತು ಜಾಗತಿಕವಾಗಿ ಬಲಿಷ್ಠವಾಗಿದೆ. ಅಮೆರಿಕದ ಮಾರುಕಟ್ಟೆ ಭಾರತಕ್ಕೆ ದೊಡ್ಡ ಪಾಲು ಅಲ್ಲ.

ಬಾಸ್ಮತಿ ಅಕ್ಕಿಯ ಮೇಲೆ ಅಮೆರಿಕವು ಅಧಿಕ ತೆರಿಗೆ ಹೇರಿದರೆ ಅದರಿಂದ ಅದಕ್ಕೇ ಪ್ರತಿಕೂಲ ಪರಿಣಾಮ ಹೆಚ್ಚು

ಹಾಗಾಗಿ ಭಾರತದ ರೈತರು ಹಾಗೂ ರಫ್ತುದಾರರು ಚಿಂತಿಸುವ ಅಗತ್ಯವಿಲ್ಲ. ಸರ್ಕಾರ ಹೊಸ ಮಾರುಕಟ್ಟೆಗಳತ್ತ ಗಮನ ಹರಿಸಬೇಕು.

ಭಾರತದಿಂದ ಅಕ್ಕಿ ಆಮದು ಮಾಡಿಕೊಳ್ಳುವ ದೇಶಗಳಲ್ಲಿ ಅಮೆರಿಕ ಮುಂಚೂಣಿಯಲ್ಲಿಲ್ಲ. ಸೌದಿ ಅರೇಬಿಯಾ, ಇರಾನ್, ಇರಾಕ್ ಮುಂತಾದ ಪಶ್ಚಿಮ ಏಷ್ಯಾ ದೇಶಗಳು ಪ್ರಮುಖ ಖರೀದಿದಾರರು.

ಅಮೆರಿಕದಲ್ಲಿ ನೆಲೆಸಿರುವ ಭಾರತೀಯರು ಹಾಗೂ ಏಷ್ಯನ್ ಸಮುದಾಯ ಬಾಸ್ಮತಿ ಅಕ್ಕಿಯ ಮುಖ್ಯ ಗ್ರಾಹಕರು. ತೆರಿಗೆ ಹೆಚ್ಚಿದರೆ ಅಲ್ಲಿನ ಗ್ರಾಹಕರೇ ಹೆಚ್ಚು ಬೆಲೆ ತೆರಬೇಕಾಗುತ್ತದೆ.

ಮೆರಿಕದ ಅಧ್ಯಕ್ಷ ಡೊನಾಲ್ಡ್ ಟ್ರಂಪ್ ಭಾರತದ ಬಾಸ್ಮತಿ ಅಕ್ಕಿಯ ಮೇಲೆ ಹೆಚ್ಚುವರಿ ತೆರಿಗೆ ಹೇರುವುದಾಗಿ ಬೆದರಿಕೆ ಹಾಕಿದ್ದಾರೆ. ಭಾರತದ ಅಕ್ಕಿ ರಫ್ತು ಜಾಗತಿಕವಾಗಿ ಬಲಿಷ್ಠವಾಗಿದೆ. ಅಮೆರಿಕದ ಮಾರುಕಟ್ಟೆ ಭಾರತಕ್ಕೆ ದೊಡ್ಡ ಪಾಲು ಅಲ್ಲ.

ಹೆಚ್ಚುತ್ತದೆ. ಇನ್ನು 25 ರಾಷ್ಟ್ರಗಳಿಗೆ ಅಕ್ಕಿ ರಫ್ತು ಆರಂಭಿಸಲು ಭಾರತ ಯೋಜಿಸುತ್ತಿದೆ. ಬಾಸ್ಮತಿಯ ಗುಣಮಟ್ಟವೇ ಅದರ ದೊಡ್ಡ ಶಕ್ತಿ. ಭಾರತದ ರೈತರ ಹಿತ ಕಾಯುವುದು ಮುಖ್ಯ.

ಅಮೆರಿಕದಲ್ಲಿ ನೆಲೆಸಿರುವ ಭಾರತೀಯರು ಹಾಗೂ ಏಷ್ಯನ್ ಸಮುದಾಯ ಬಾಸ್ಮತಿ ಅಕ್ಕಿಯ ಮುಖ್ಯ ಗ್ರಾಹಕರು. ತೆರಿಗೆ ಹೆಚ್ಚಿದರೆ ಅಲ್ಲಿನ ಗ್ರಾಹಕರೇ ಹೆಚ್ಚು ಬೆಲೆ ತೆರಬೇಕಾಗುತ್ತದೆ.

ಹಾಗಾಗಿ ಭಾರತದ ರೈತರು ಹಾಗೂ ರಫ್ತುದಾರರು ಚಿಂತಿಸುವ ಅಗತ್ಯವಿಲ್ಲ. ಸರ್ಕಾರ ಹೊಸ ಮಾರುಕಟ್ಟೆಗಳತ್ತ ಗಮನ ಹರಿಸಬೇಕು.

ಭಾರತದಿಂದ ಅಕ್ಕಿ ಆಮದು ಮಾಡಿಕೊಳ್ಳುವ ದೇಶಗಳಲ್ಲಿ ಅಮೆರಿಕ ಮುಂಚೂಣಿಯಲ್ಲಿಲ್ಲ. ಸೌದಿ ಅರೇಬಿಯಾ, ಇರಾನ್, ಇರಾಕ್ ಮುಂತಾದ ಪಶ್ಚಿಮ ಏಷ್ಯಾ ದೇಶಗಳು ಪ್ರಮುಖ ಖರೀದಿದಾರರು.

ಹೆಚ್ಚುತ್ತದೆ. ಇನ್ನು 25 ರಾಷ್ಟ್ರಗಳಿಗೆ ಅಕ್ಕಿ ರಫ್ತು ಆರಂಭಿಸಲು ಭಾರತ ಯೋಜಿಸುತ್ತಿದೆ. ಬಾಸ್ಮತಿಯ ಗುಣಮಟ್ಟವೇ ಅದರ ದೊಡ್ಡ ಶಕ್ತಿ. ಭಾರತದ ರೈತರ ಹಿತ ಕಾಯುವುದು ಮುಖ್ಯ.
